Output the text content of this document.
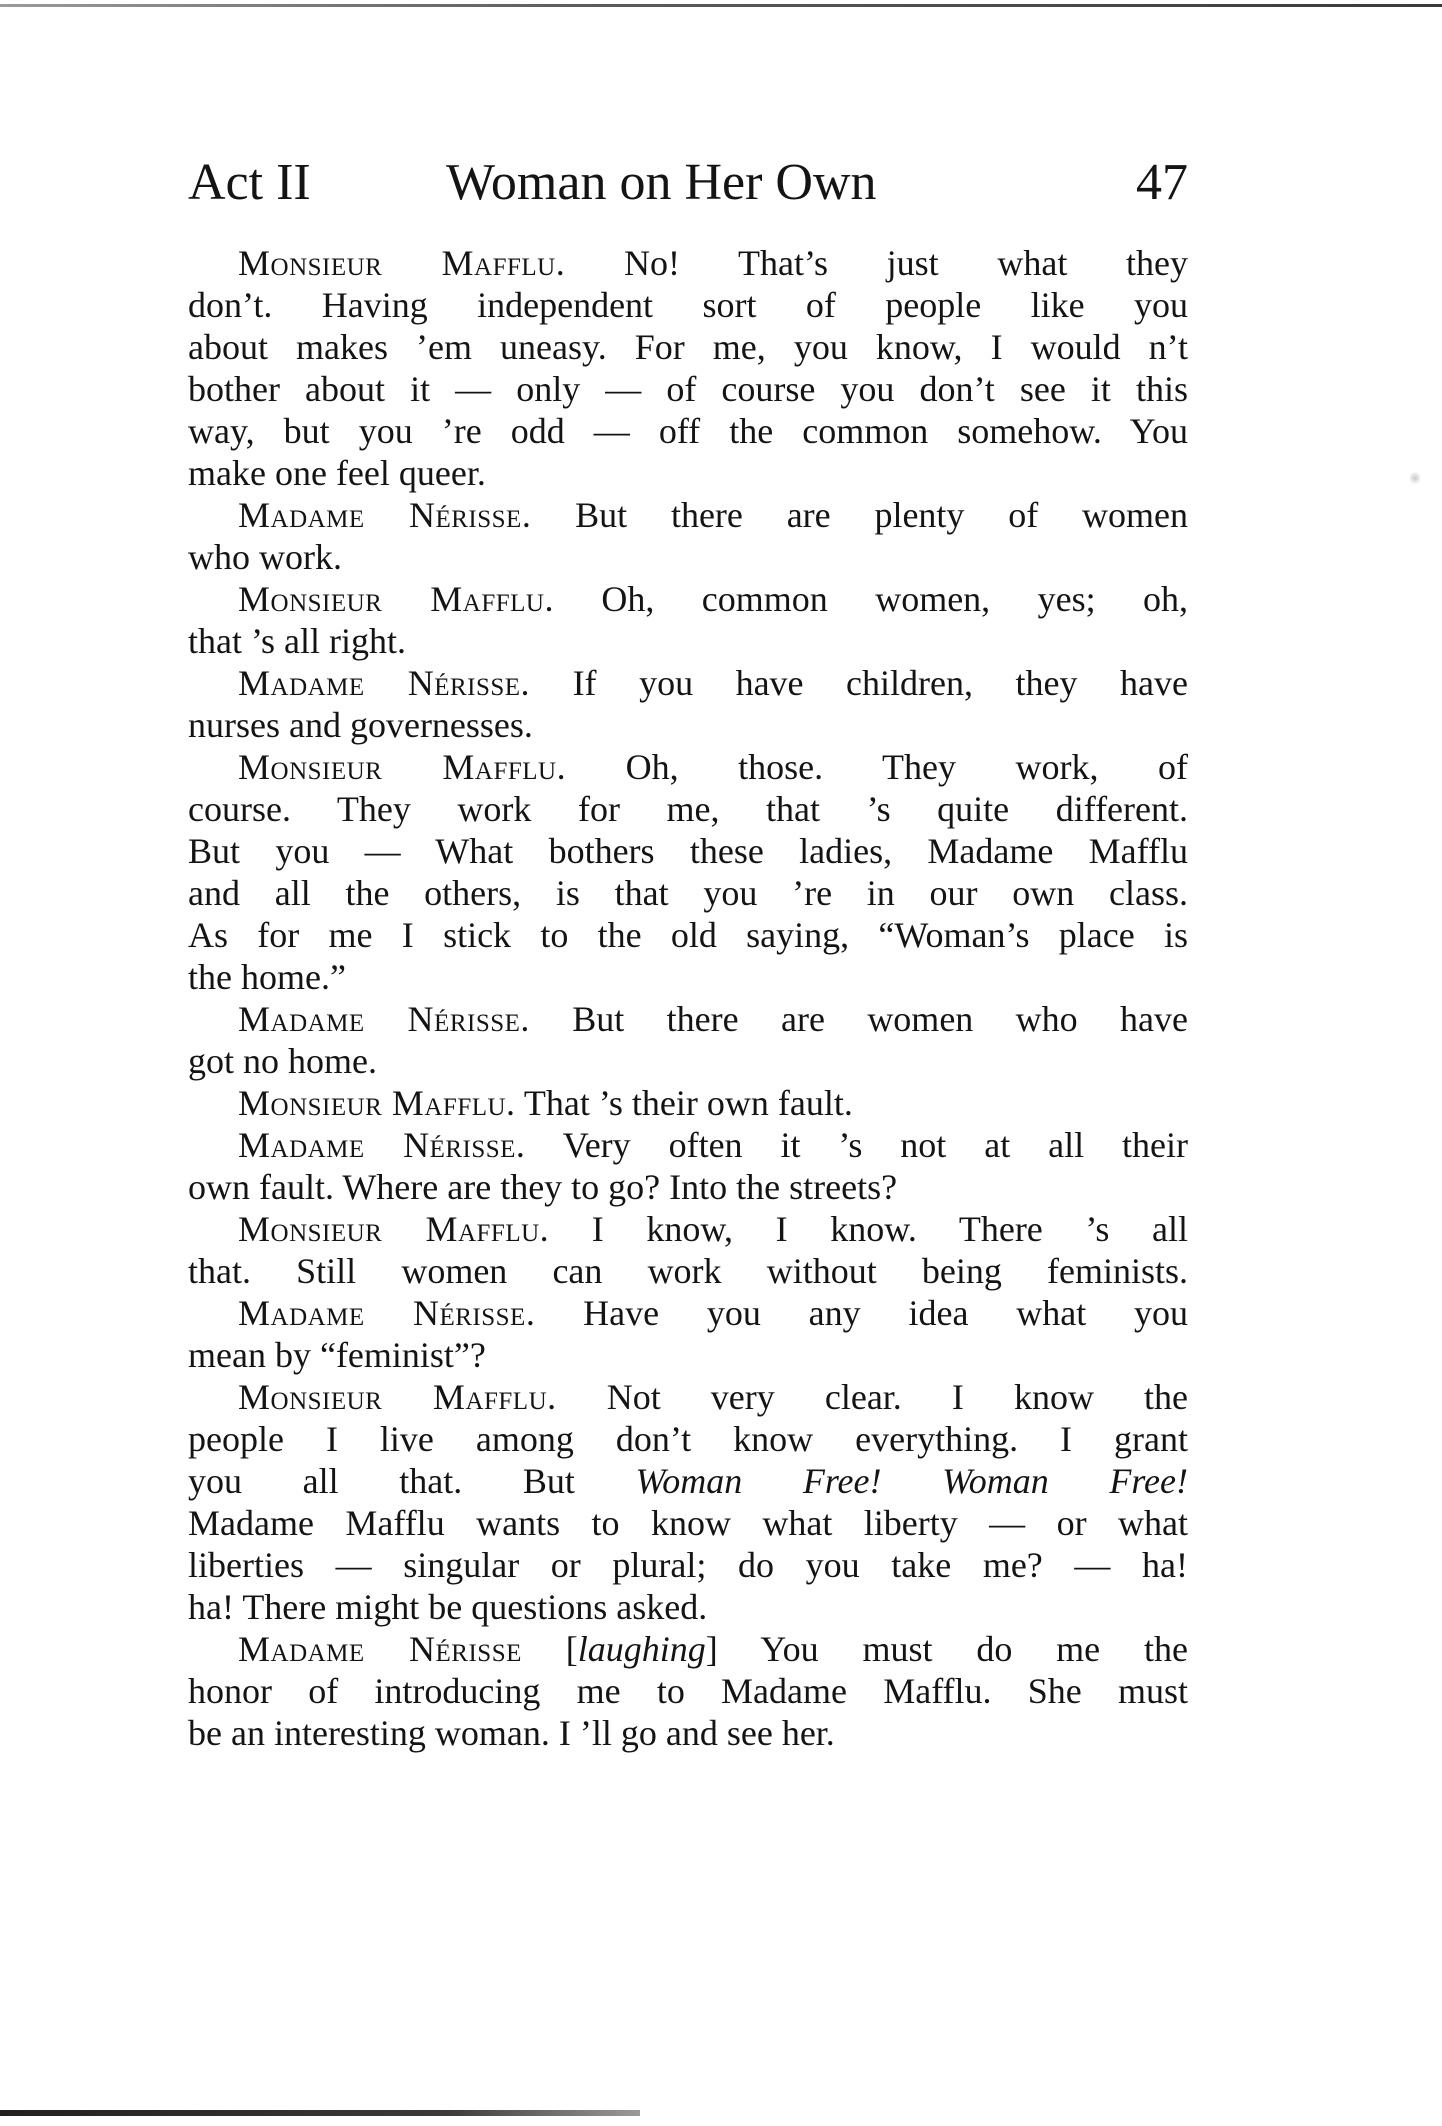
Act II	Woman on Her Own	47
Monsieur Mafflu. No! That’s just what they
don’t. Having independent sort of people like you
about makes ’em uneasy. For me, you know, I would n’t
bother about it — only — of course you don’t see it this
way, but you ’re odd — off the common somehow. You
make one feel queer.
Madame Nérisse. But there are plenty of women
who work.
Monsieur Mafflu. Oh, common women, yes; oh,
that ’s all right.
Madame Nérisse. If you have children, they have
nurses and governesses.
Monsieur Mafflu. Oh, those. They work, of
course. They work for me, that ’s quite different.
But you — What bothers these ladies, Madame Mafflu
and all the others, is that you ’re in our own class.
As for me I stick to the old saying, “Woman’s place is
the home.”
Madame Nérisse. But there are women who have
got no home.
Monsieur Mafflu. That ’s their own fault.
Madame Nérisse. Very often it ’s not at all their
own fault. Where are they to go? Into the streets?
Monsieur Mafflu. I know, I know. There ’s all
that. Still women can work without being feminists.
Madame Nérisse. Have you any idea what you
mean by “feminist”?
Monsieur Mafflu. Not very clear. I know the
people I live among don’t know everything. I grant
you all that. But Woman Free! Woman Free!
Madame Mafflu wants to know what liberty — or what
liberties — singular or plural; do you take me? — ha!
ha! There might be questions asked.
Madame Nérisse [laughing] You must do me the
honor of introducing me to Madame Mafflu. She must
be an interesting woman. I ’ll go and see her.
